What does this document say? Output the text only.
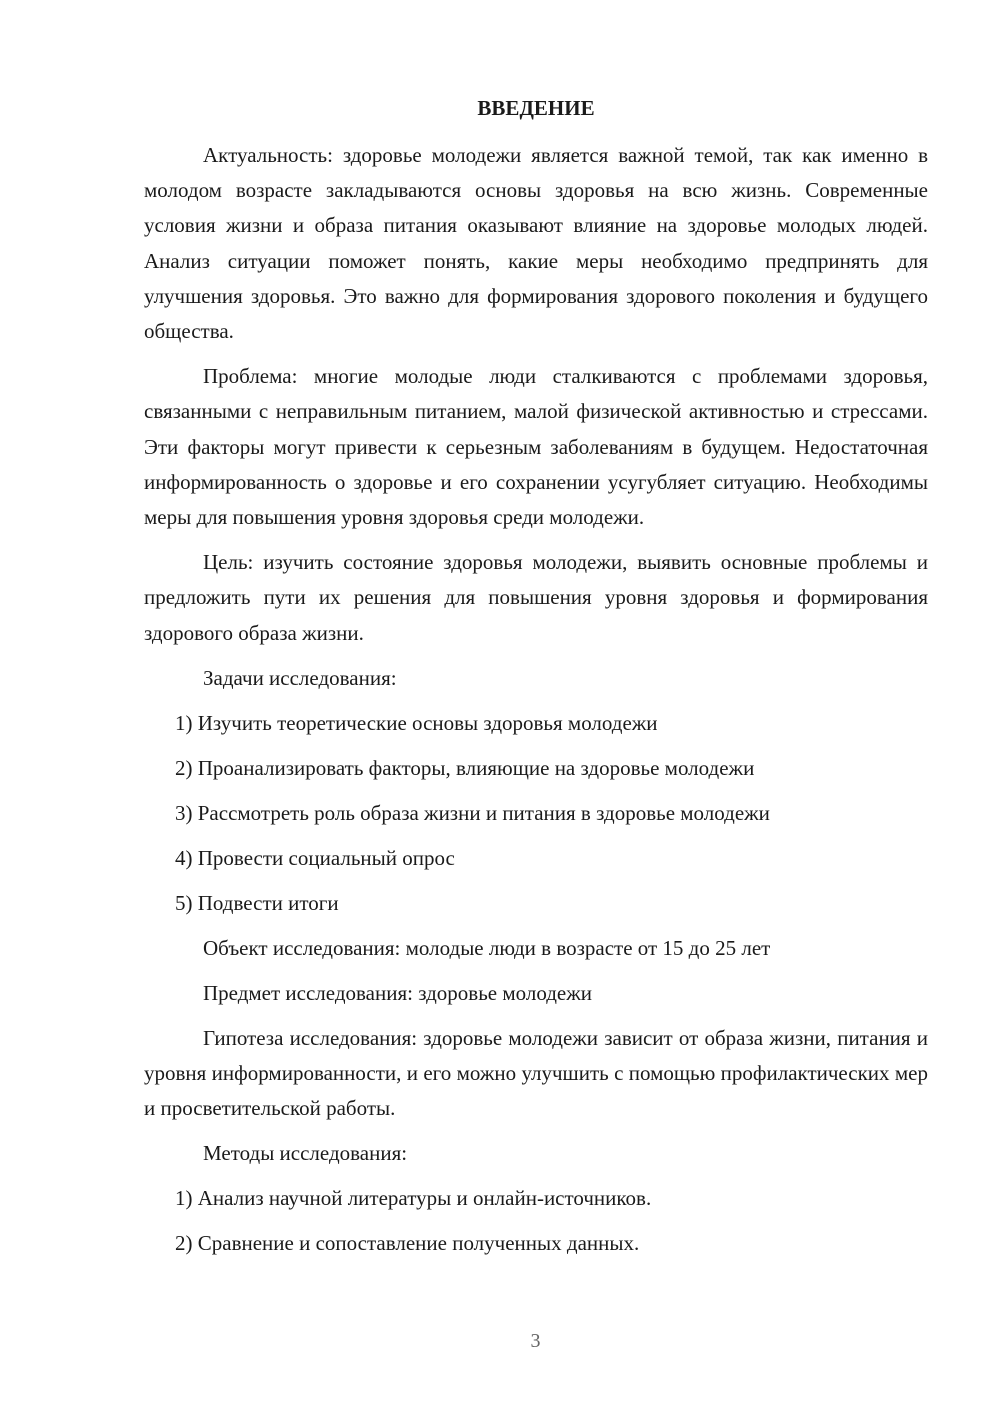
ВВЕДЕНИЕ

Актуальность: здоровье молодежи является важной темой, так как именно в молодом возрасте закладываются основы здоровья на всю жизнь. Современные условия жизни и образа питания оказывают влияние на здоровье молодых людей. Анализ ситуации поможет понять, какие меры необходимо предпринять для улучшения здоровья. Это важно для формирования здорового поколения и будущего общества.

Проблема: многие молодые люди сталкиваются с проблемами здоровья, связанными с неправильным питанием, малой физической активностью и стрессами. Эти факторы могут привести к серьезным заболеваниям в будущем. Недостаточная информированность о здоровье и его сохранении усугубляет ситуацию. Необходимы меры для повышения уровня здоровья среди молодежи.

Цель: изучить состояние здоровья молодежи, выявить основные проблемы и предложить пути их решения для повышения уровня здоровья и формирования здорового образа жизни.

Задачи исследования:
1) Изучить теоретические основы здоровья молодежи
2) Проанализировать факторы, влияющие на здоровье молодежи
3) Рассмотреть роль образа жизни и питания в здоровье молодежи
4) Провести социальный опрос
5) Подвести итоги
Объект исследования: молодые люди в возрасте от 15 до 25 лет
Предмет исследования: здоровье молодежи

Гипотеза исследования: здоровье молодежи зависит от образа жизни, питания и уровня информированности, и его можно улучшить с помощью профилактических мер и просветительской работы.

Методы исследования:
1) Анализ научной литературы и онлайн-источников.
2) Сравнение и сопоставление полученных данных.
3
